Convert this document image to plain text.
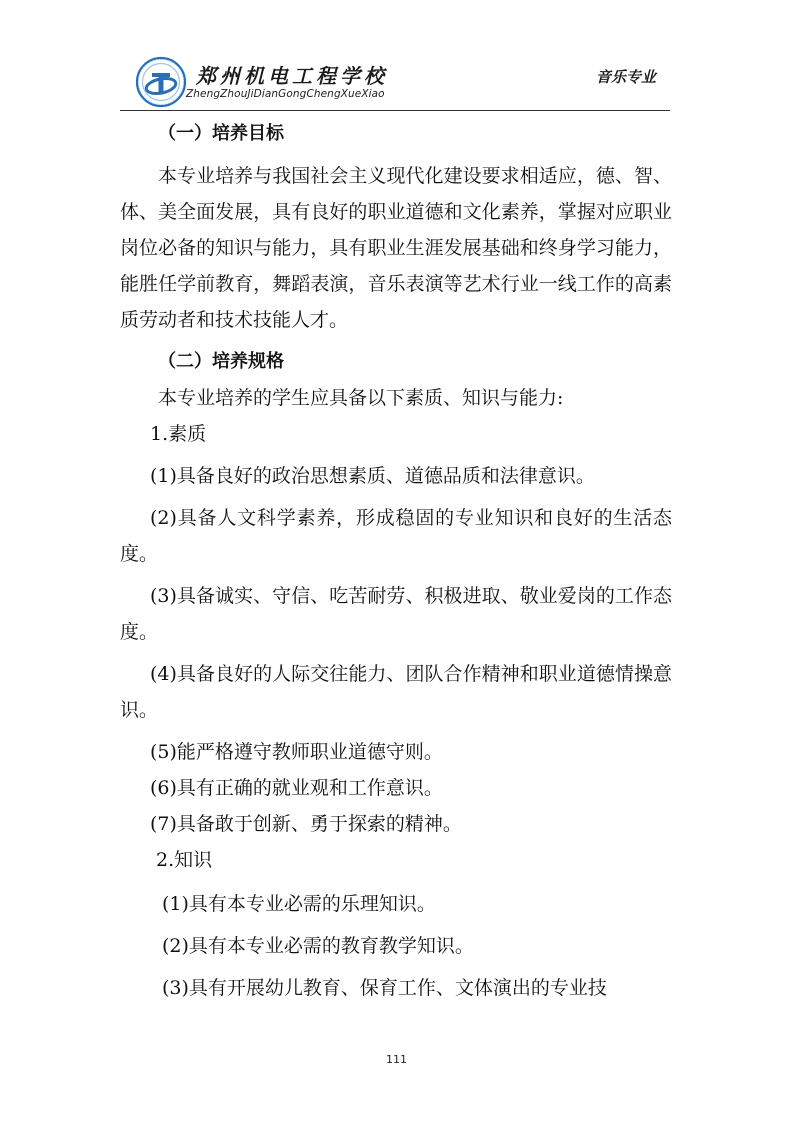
郑州机电工程学校
ZhengZhouJiDianGongChengXueXiao
音乐专业
（一）培养目标

本专业培养与我国社会主义现代化建设要求相适应，德、智、体、美全面发展，具有良好的职业道德和文化素养，掌握对应职业岗位必备的知识与能力，具有职业生涯发展基础和终身学习能力，能胜任学前教育，舞蹈表演，音乐表演等艺术行业一线工作的高素质劳动者和技术技能人才。

（二）培养规格

本专业培养的学生应具备以下素质、知识与能力:

1.素质

(1)具备良好的政治思想素质、道德品质和法律意识。

(2)具备人文科学素养，形成稳固的专业知识和良好的生活态度。

(3)具备诚实、守信、吃苦耐劳、积极进取、敬业爱岗的工作态度。

(4)具备良好的人际交往能力、团队合作精神和职业道德情操意识。

(5)能严格遵守教师职业道德守则。

(6)具有正确的就业观和工作意识。

(7)具备敢于创新、勇于探索的精神。

2.知识

(1)具有本专业必需的乐理知识。

(2)具有本专业必需的教育教学知识。

(3)具有开展幼儿教育、保育工作、文体演出的专业技

111
